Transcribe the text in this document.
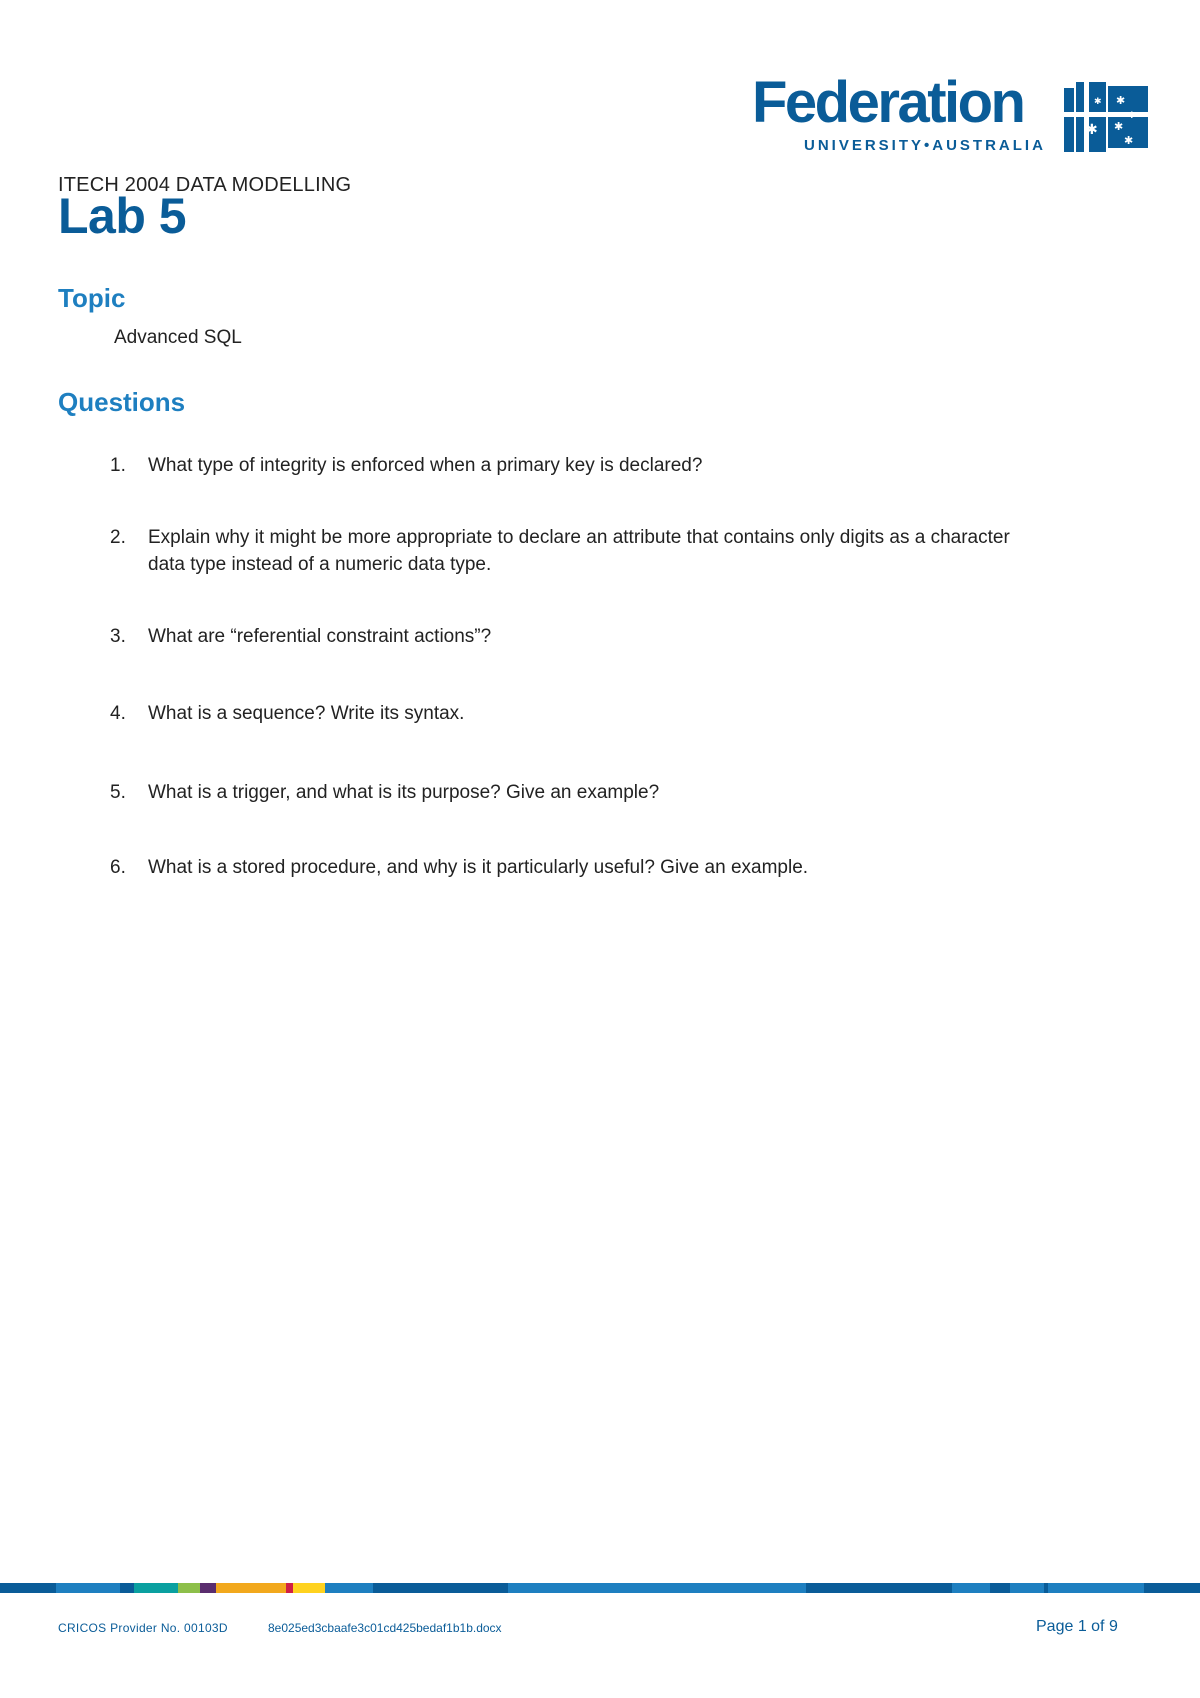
Federation
UNIVERSITY•AUSTRALIA
✱
✱
✱
✱
✱
✱
ITECH 2004 DATA MODELLING
Lab 5
Topic
Advanced SQL
Questions
1.	What type of integrity is enforced when a primary key is declared?
2.	Explain why it might be more appropriate to declare an attribute that contains only digits as a character data type instead of a numeric data type.
3.	What are “referential constraint actions”?
4.	What is a sequence? Write its syntax.
5.	What is a trigger, and what is its purpose? Give an example?
6.	What is a stored procedure, and why is it particularly useful? Give an example.
CRICOS Provider No. 00103D	8e025ed3cbaafe3c01cd425bedaf1b1b.docx	Page 1 of 9
